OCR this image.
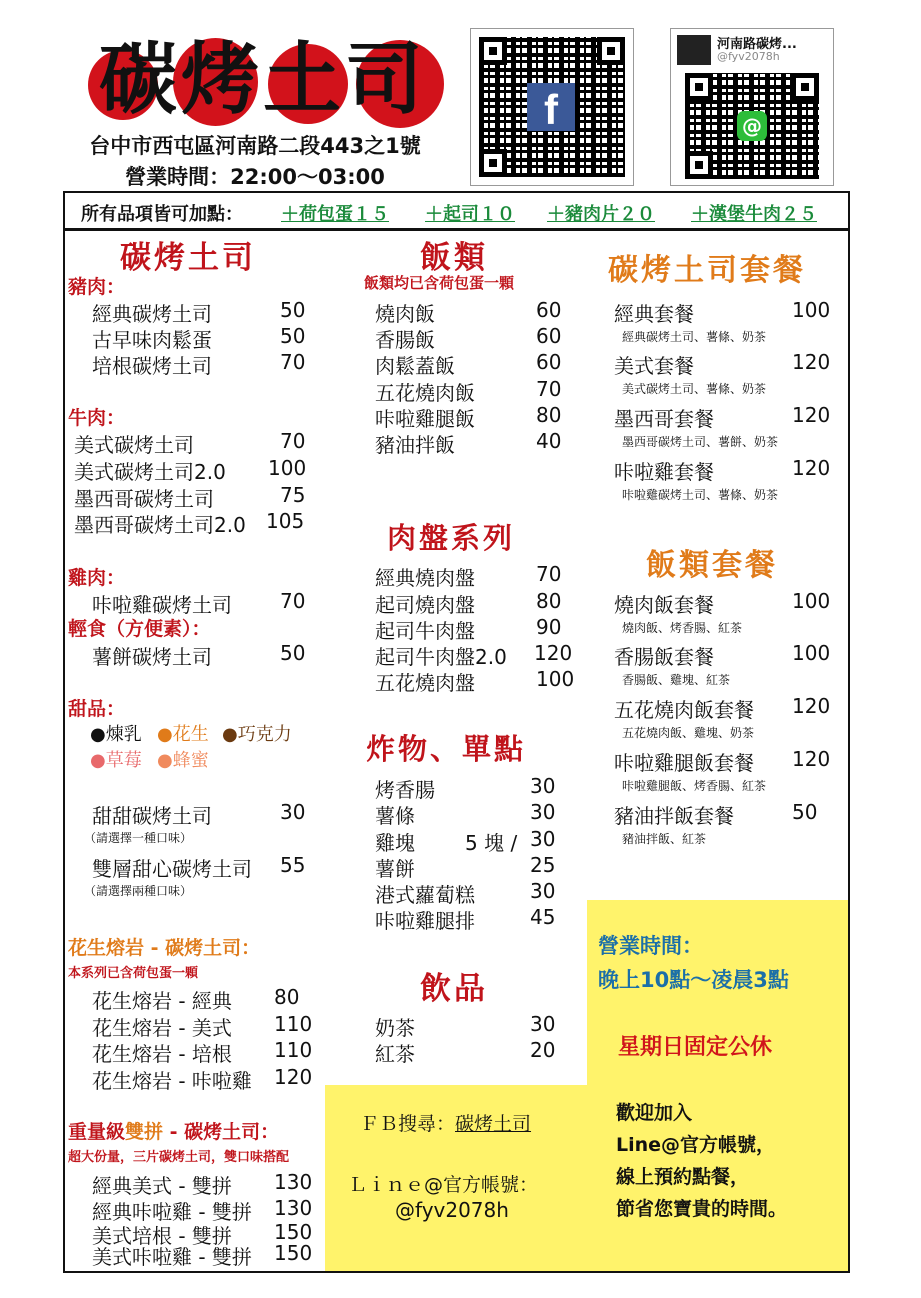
碳烤土司
台中市西屯區河南路二段443之1號
營業時間：22:00～03:00
f
河南路碳烤...
@fyv2078h
@
所有品項皆可加點： ＋荷包蛋１５ ＋起司１０ ＋豬肉片２０ ＋漢堡牛肉２５
碳烤土司
豬肉：
經典碳烤土司	50
古早味肉鬆蛋	50
培根碳烤土司	70
牛肉：
美式碳烤土司	70
美式碳烤土司2.0 100
墨西哥碳烤土司	75
墨西哥碳烤土司2.0 105
雞肉：
咔啦雞碳烤土司 70
輕食（方便素）：
薯餅碳烤土司	50
甜品：
●煉乳 ●花生 ●巧克力
●草莓 ●蜂蜜
甜甜碳烤土司	30
（請選擇一種口味）
雙層甜心碳烤土司 55
（請選擇兩種口味）
花生熔岩 - 碳烤土司：
本系列已含荷包蛋一顆
花生熔岩 - 經典 80
花生熔岩 - 美式 110
花生熔岩 - 培根 110
花生熔岩 - 咔啦雞 120
重量級雙拼 - 碳烤土司：
超大份量，三片碳烤土司，雙口味搭配
經典美式 - 雙拼 130
經典咔啦雞 - 雙拼 130
美式培根 - 雙拼 150
美式咔啦雞 - 雙拼 150
飯類
飯類均已含荷包蛋一顆
燒肉飯	60
香腸飯	60
肉鬆蓋飯	60
五花燒肉飯	70
咔啦雞腿飯	80
豬油拌飯	40
肉盤系列
經典燒肉盤	70
起司燒肉盤	80
起司牛肉盤	90
起司牛肉盤2.0 120
五花燒肉盤	100
炸物、單點
烤香腸	30
薯條	30
雞塊	5 塊 / 30
薯餅	25
港式蘿蔔糕	30
咔啦雞腿排	45
飲品
奶茶	30
紅茶	20
ＦＢ搜尋：碳烤土司
Ｌｉｎｅ@官方帳號：
@fyv2078h
碳烤土司套餐
經典套餐	100
經典碳烤土司、薯條、奶茶
美式套餐	120
美式碳烤土司、薯條、奶茶
墨西哥套餐	120
墨西哥碳烤土司、薯餅、奶茶
咔啦雞套餐	120
咔啦雞碳烤土司、薯條、奶茶
飯類套餐
燒肉飯套餐	100
燒肉飯、烤香腸、紅茶
香腸飯套餐	100
香腸飯、雞塊、紅茶
五花燒肉飯套餐 120
五花燒肉飯、雞塊、奶茶
咔啦雞腿飯套餐 120
咔啦雞腿飯、烤香腸、紅茶
豬油拌飯套餐	50
豬油拌飯、紅茶
營業時間：
晚上10點～凌晨3點
星期日固定公休
歡迎加入
Line@官方帳號，
線上預約點餐，
節省您寶貴的時間。
